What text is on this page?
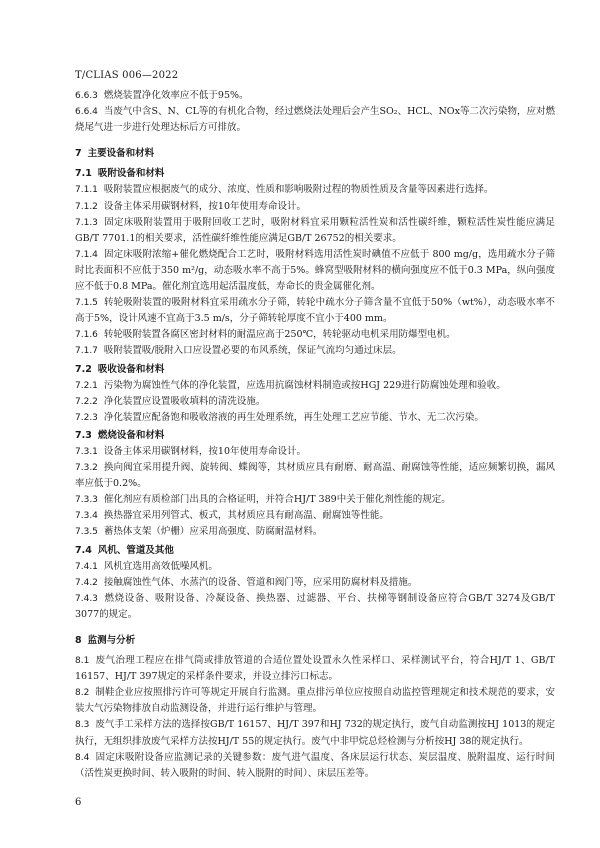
T/CLIAS 006—2022

6.6.3 燃烧装置净化效率应不低于95%。

6.6.4 当废气中含S、N、CL等的有机化合物，经过燃烧法处理后会产生SO₂、HCL、NOx等二次污染物，应对燃烧尾气进一步进行处理达标后方可排放。

7 主要设备和材料

7.1 吸附设备和材料

7.1.1 吸附装置应根据废气的成分、浓度、性质和影响吸附过程的物质性质及含量等因素进行选择。

7.1.2 设备主体采用碳钢材料，按10年使用寿命设计。

7.1.3 固定床吸附装置用于吸附回收工艺时，吸附材料宜采用颗粒活性炭和活性碳纤维，颗粒活性炭性能应满足GB/T 7701.1的相关要求，活性碳纤维性能应满足GB/T 26752的相关要求。

7.1.4 固定床吸附浓缩+催化燃烧配合工艺时，吸附材料选用活性炭时碘值不应低于 800 mg/g，选用疏水分子筛时比表面积不应低于350 m²/g，动态吸水率不高于5%。蜂窝型吸附材料的横向强度应不低于0.3 MPa，纵向强度应不低于0.8 MPa。催化剂宜选用起活温度低，寿命长的贵金属催化剂。

7.1.5 转轮吸附装置的吸附材料宜采用疏水分子筛，转轮中疏水分子筛含量不宜低于50%（wt%），动态吸水率不高于5%，设计风速不宜高于3.5 m/s，分子筛转轮厚度不宜小于400 mm。

7.1.6 转轮吸附装置各腐区密封材料的耐温应高于250℃，转轮驱动电机采用防爆型电机。

7.1.7 吸附装置吸/脱附入口应设置必要的布风系统，保证气流均匀通过床层。

7.2 吸收设备和材料

7.2.1 污染物为腐蚀性气体的净化装置，应选用抗腐蚀材料制造或按HGJ 229进行防腐蚀处理和验收。

7.2.2 净化装置应设置吸收填料的清洗设施。

7.2.3 净化装置应配备饱和吸收溶液的再生处理系统，再生处理工艺应节能、节水、无二次污染。

7.3 燃烧设备和材料

7.3.1 设备主体采用碳钢材料，按10年使用寿命设计。

7.3.2 换向阀宜采用提升阀、旋转阀、蝶阀等，其材质应具有耐磨、耐高温、耐腐蚀等性能，适应频繁切换，漏风率应低于0.2%。

7.3.3 催化剂应有质检部门出具的合格证明，并符合HJ/T 389中关于催化剂性能的规定。

7.3.4 换热器宜采用列管式、板式，其材质应具有耐高温、耐腐蚀等性能。

7.3.5 蓄热体支架（炉栅）应采用高强度、防腐耐温材料。

7.4 风机、管道及其他

7.4.1 风机宜选用高效低噪风机。

7.4.2 接触腐蚀性气体、水蒸汽的设备、管道和阀门等，应采用防腐材料及措施。

7.4.3 燃烧设备、吸附设备、冷凝设备、换热器、过滤器、平台、扶梯等钢制设备应符合GB/T 3274及GB/T 3077的规定。

8 监测与分析

8.1 废气治理工程应在排气筒或排放管道的合适位置处设置永久性采样口、采样测试平台，符合HJ/T 1、GB/T 16157、HJ/T 397规定的采样条件要求，并设立排污口标志。

8.2 制鞋企业应按照排污许可等规定开展自行监测。重点排污单位应按照自动监控管理规定和技术规范的要求，安装大气污染物排放自动监测设备，并进行运行维护与管理。

8.3 废气手工采样方法的选择按GB/T 16157、HJ/T 397和HJ 732的规定执行，废气自动监测按HJ 1013的规定执行，无组织排放废气采样方法按HJ/T 55的规定执行。废气中非甲烷总烃检测与分析按HJ 38的规定执行。

8.4 固定床吸附设备应监测记录的关键参数：废气进气温度、各床层运行状态、炭层温度、脱附温度、运行时间（活性炭更换时间、转入吸附的时间、转入脱附的时间）、床层压差等。

6
